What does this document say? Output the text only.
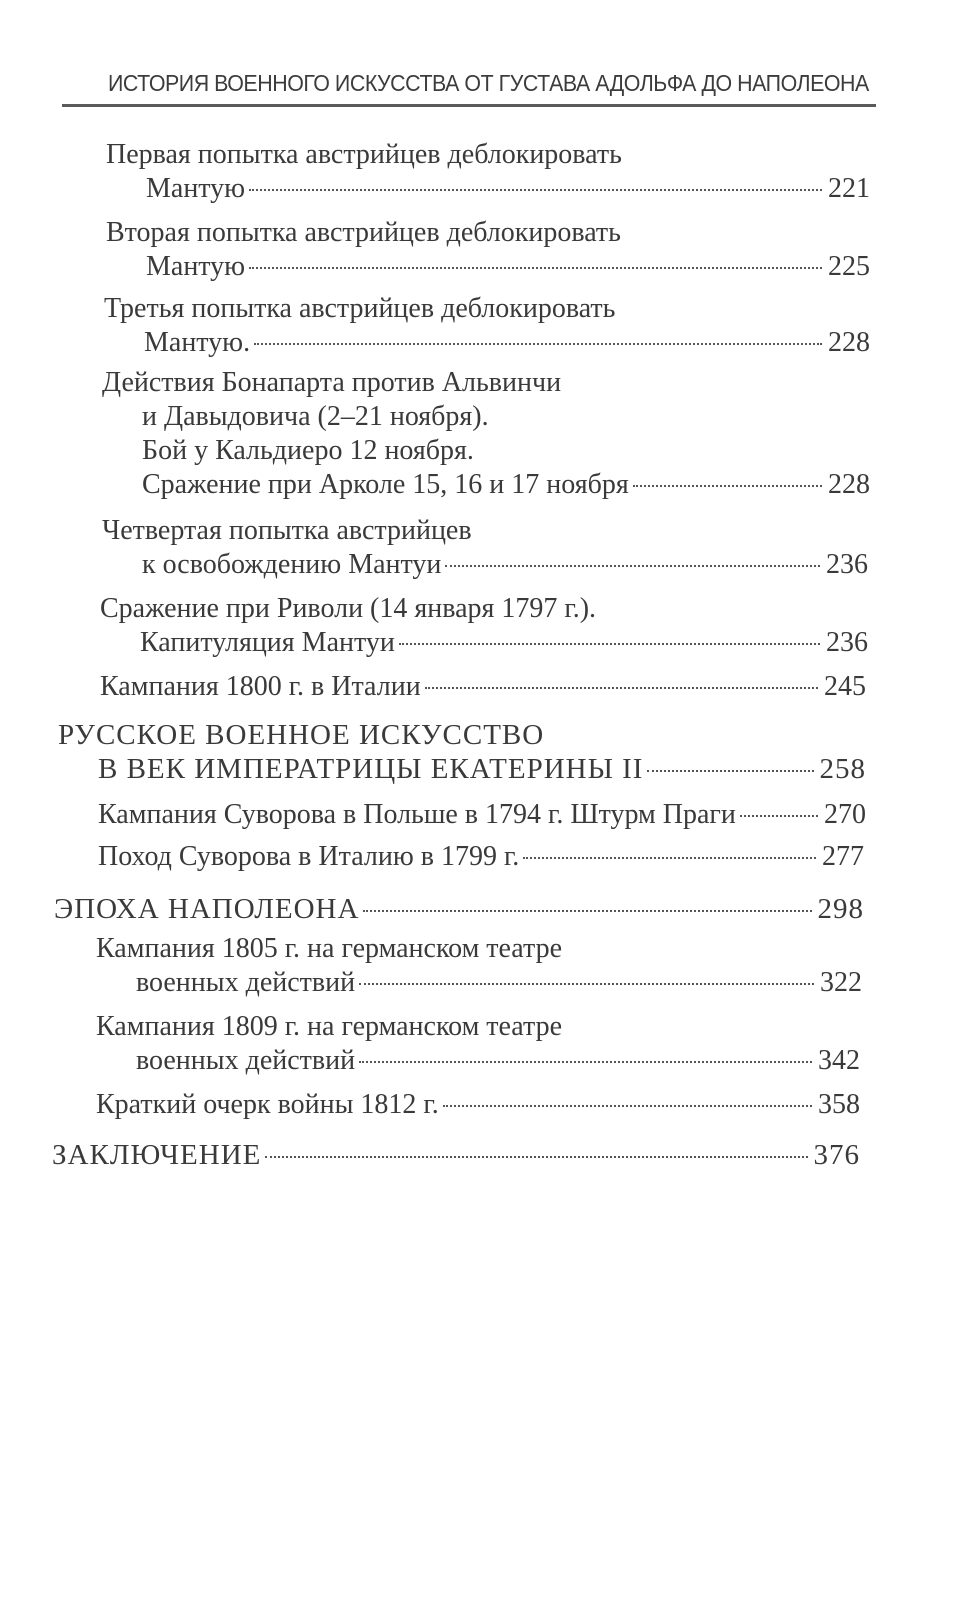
ИСТОРИЯ ВОЕННОГО ИСКУССТВА ОТ ГУСТАВА АДОЛЬФА ДО НАПОЛЕОНА
Первая попытка австрийцев деблокировать
Мантую	221
Вторая попытка австрийцев деблокировать
Мантую	225
Третья попытка австрийцев деблокировать
Мантую.	228
Действия Бонапарта против Альвинчи
и Давыдовича (2–21 ноября).
Бой у Кальдиеро 12 ноября.
Сражение при Арколе 15, 16 и 17 ноября	228
Четвертая попытка австрийцев
к освобождению Мантуи	236
Сражение при Риволи (14 января 1797 г.).
Капитуляция Мантуи	236
Кампания 1800 г. в Италии	245
РУССКОЕ ВОЕННОЕ ИСКУССТВО
В ВЕК ИМПЕРАТРИЦЫ ЕКАТЕРИНЫ II	258
Кампания Суворова в Польше в 1794 г. Штурм Праги	270
Поход Суворова в Италию в 1799 г.	277
ЭПОХА НАПОЛЕОНА	298
Кампания 1805 г. на германском театре
военных действий	322
Кампания 1809 г. на германском театре
военных действий	342
Краткий очерк войны 1812 г.	358
ЗАКЛЮЧЕНИЕ	376
